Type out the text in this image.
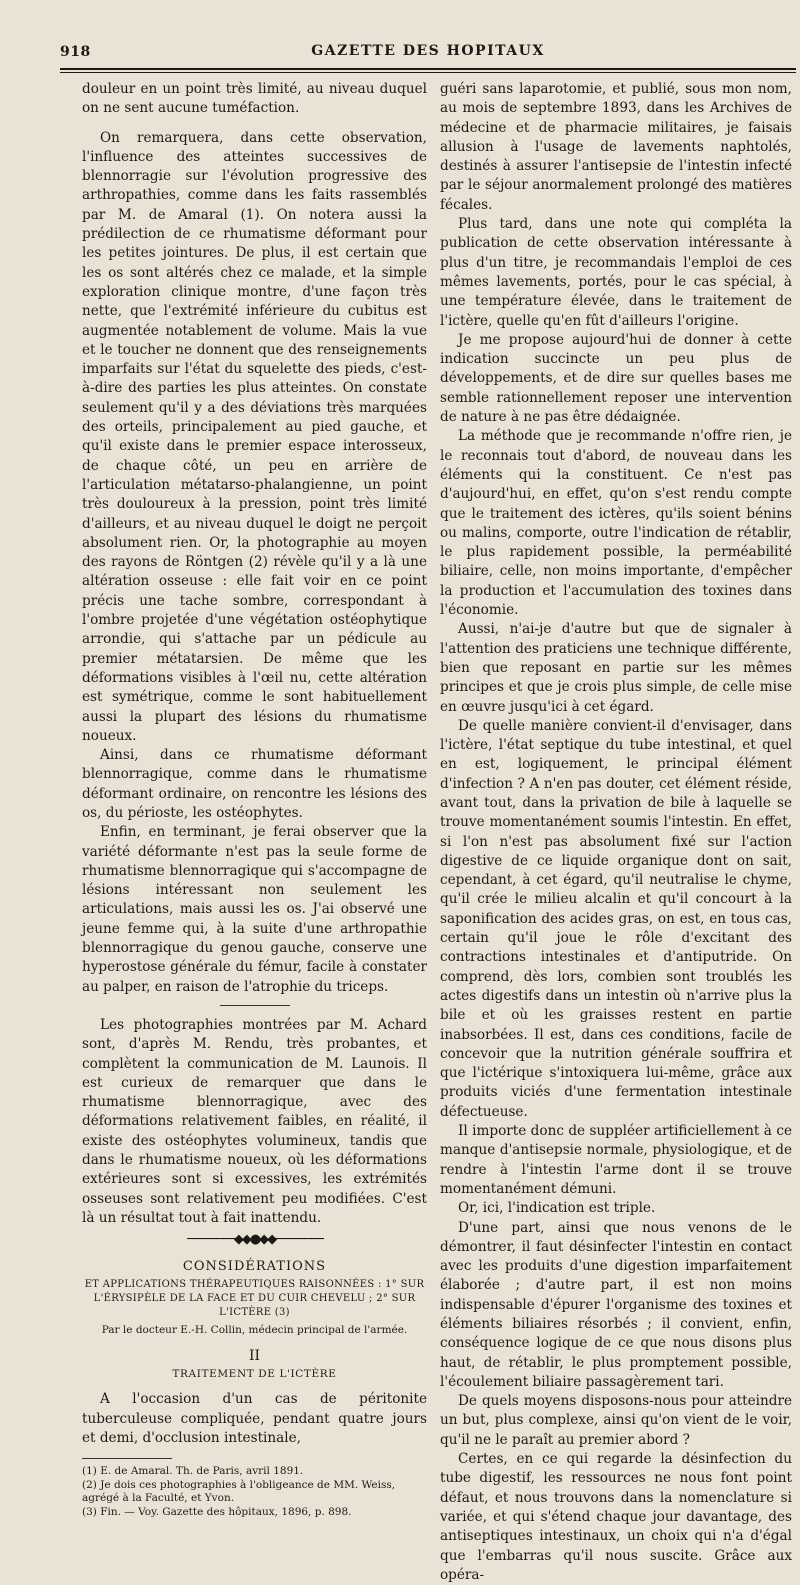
918	GAZETTE DES HOPITAUX

douleur en un point très limité, au niveau duquel on ne sent aucune tuméfaction.

On remarquera, dans cette observation, l'influence des atteintes successives de blennorragie sur l'évolution progressive des arthropathies, comme dans les faits rassemblés par M. de Amaral (1). On notera aussi la prédilection de ce rhumatisme déformant pour les petites jointures. De plus, il est certain que les os sont altérés chez ce malade, et la simple exploration clinique montre, d'une façon très nette, que l'extrémité inférieure du cubitus est augmentée notablement de volume. Mais la vue et le toucher ne donnent que des renseignements imparfaits sur l'état du squelette des pieds, c'est-à-dire des parties les plus atteintes. On constate seulement qu'il y a des déviations très marquées des orteils, principalement au pied gauche, et qu'il existe dans le premier espace interosseux, de chaque côté, un peu en arrière de l'articulation métatarso-phalangienne, un point très douloureux à la pression, point très limité d'ailleurs, et au niveau duquel le doigt ne perçoit absolument rien. Or, la photographie au moyen des rayons de Röntgen (2) révèle qu'il y a là une altération osseuse : elle fait voir en ce point précis une tache sombre, correspondant à l'ombre projetée d'une végétation ostéophytique arrondie, qui s'attache par un pédicule au premier métatarsien. De même que les déformations visibles à l'œil nu, cette altération est symétrique, comme le sont habituellement aussi la plupart des lésions du rhumatisme noueux.

Ainsi, dans ce rhumatisme déformant blennorragique, comme dans le rhumatisme déformant ordinaire, on rencontre les lésions des os, du périoste, les ostéophytes.

Enfin, en terminant, je ferai observer que la variété déformante n'est pas la seule forme de rhumatisme blennorragique qui s'accompagne de lésions intéressant non seulement les articulations, mais aussi les os. J'ai observé une jeune femme qui, à la suite d'une arthropathie blennorragique du genou gauche, conserve une hyperostose générale du fémur, facile à constater au palper, en raison de l'atrophie du triceps.

Les photographies montrées par M. Achard sont, d'après M. Rendu, très probantes, et complètent la communication de M. Launois. Il est curieux de remarquer que dans le rhumatisme blennorragique, avec des déformations relativement faibles, en réalité, il existe des ostéophytes volumineux, tandis que dans le rhumatisme noueux, où les déformations extérieures sont si excessives, les extrémités osseuses sont relativement peu modifiées. C'est là un résultat tout à fait inattendu.

────────◆◆●◆◆────────
CONSIDÉRATIONS
ET APPLICATIONS THÉRAPEUTIQUES RAISONNÉES : 1° SUR L'ÉRYSIPÈLE DE LA FACE ET DU CUIR CHEVELU ; 2° SUR L'ICTÈRE (3)
Par le docteur E.-H. Collin, médecin principal de l'armée.
II
TRAITEMENT DE L'ICTÈRE

A l'occasion d'un cas de péritonite tuberculeuse compliquée, pendant quatre jours et demi, d'occlusion intestinale,

(1) E. de Amaral. Th. de Paris, avril 1891.
(2) Je dois ces photographies à l'obligeance de MM. Weiss, agrégé à la Faculté, et Yvon.
(3) Fin. — Voy. Gazette des hôpitaux, 1896, p. 898.

guéri sans laparotomie, et publié, sous mon nom, au mois de septembre 1893, dans les Archives de médecine et de pharmacie militaires, je faisais allusion à l'usage de lavements naphtolés, destinés à assurer l'antisepsie de l'intestin infecté par le séjour anormalement prolongé des matières fécales.

Plus tard, dans une note qui compléta la publication de cette observation intéressante à plus d'un titre, je recommandais l'emploi de ces mêmes lavements, portés, pour le cas spécial, à une température élevée, dans le traitement de l'ictère, quelle qu'en fût d'ailleurs l'origine.

Je me propose aujourd'hui de donner à cette indication succincte un peu plus de développements, et de dire sur quelles bases me semble rationnellement reposer une intervention de nature à ne pas être dédaignée.

La méthode que je recommande n'offre rien, je le reconnais tout d'abord, de nouveau dans les éléments qui la constituent. Ce n'est pas d'aujourd'hui, en effet, qu'on s'est rendu compte que le traitement des ictères, qu'ils soient bénins ou malins, comporte, outre l'indication de rétablir, le plus rapidement possible, la perméabilité biliaire, celle, non moins importante, d'empêcher la production et l'accumulation des toxines dans l'économie.

Aussi, n'ai-je d'autre but que de signaler à l'attention des praticiens une technique différente, bien que reposant en partie sur les mêmes principes et que je crois plus simple, de celle mise en œuvre jusqu'ici à cet égard.

De quelle manière convient-il d'envisager, dans l'ictère, l'état septique du tube intestinal, et quel en est, logiquement, le principal élément d'infection ? A n'en pas douter, cet élément réside, avant tout, dans la privation de bile à laquelle se trouve momentanément soumis l'intestin. En effet, si l'on n'est pas absolument fixé sur l'action digestive de ce liquide organique dont on sait, cependant, à cet égard, qu'il neutralise le chyme, qu'il crée le milieu alcalin et qu'il concourt à la saponification des acides gras, on est, en tous cas, certain qu'il joue le rôle d'excitant des contractions intestinales et d'antiputride. On comprend, dès lors, combien sont troublés les actes digestifs dans un intestin où n'arrive plus la bile et où les graisses restent en partie inabsorbées. Il est, dans ces conditions, facile de concevoir que la nutrition générale souffrira et que l'ictérique s'intoxiquera lui-même, grâce aux produits viciés d'une fermentation intestinale défectueuse.

Il importe donc de suppléer artificiellement à ce manque d'antisepsie normale, physiologique, et de rendre à l'intestin l'arme dont il se trouve momentanément démuni.

Or, ici, l'indication est triple.

D'une part, ainsi que nous venons de le démontrer, il faut désinfecter l'intestin en contact avec les produits d'une digestion imparfaitement élaborée ; d'autre part, il est non moins indispensable d'épurer l'organisme des toxines et éléments biliaires résorbés ; il convient, enfin, conséquence logique de ce que nous disons plus haut, de rétablir, le plus promptement possible, l'écoulement biliaire passagèrement tari.

De quels moyens disposons-nous pour atteindre un but, plus complexe, ainsi qu'on vient de le voir, qu'il ne le paraît au premier abord ?

Certes, en ce qui regarde la désinfection du tube digestif, les ressources ne nous font point défaut, et nous trouvons dans la nomenclature si variée, et qui s'étend chaque jour davantage, des antiseptiques intestinaux, un choix qui n'a d'égal que l'embarras qu'il nous suscite. Grâce aux opéra-
